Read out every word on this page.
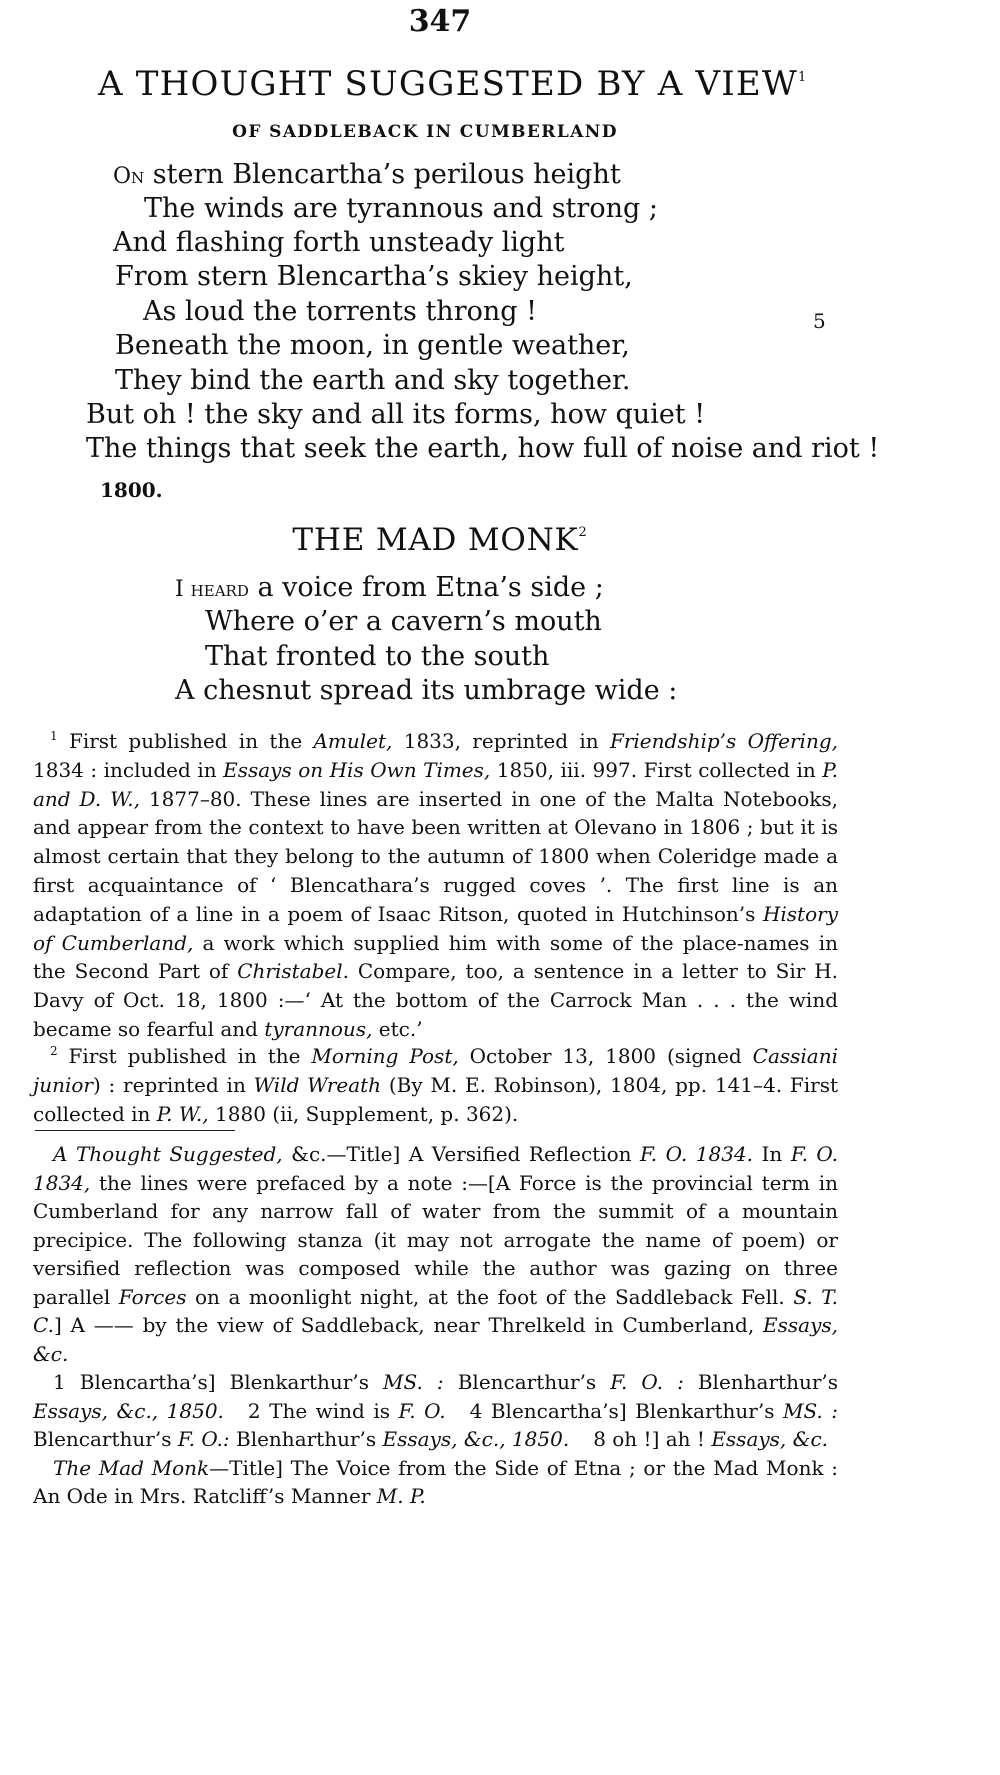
347
A THOUGHT SUGGESTED BY A VIEW$^1$
OF SADDLEBACK IN CUMBERLAND
On stern Blencartha’s perilous height
The winds are tyrannous and strong ;
And flashing forth unsteady light
From stern Blencartha’s skiey height,
As loud the torrents throng !
Beneath the moon, in gentle weather,
They bind the earth and sky together.
But oh ! the sky and all its forms, how quiet !
The things that seek the earth, how full of noise and riot !
5
1800.
THE MAD MONK$^2$
I heard a voice from Etna’s side ;
Where o’er a cavern’s mouth
That fronted to the south
A chesnut spread its umbrage wide :
$^1$ First published in the Amulet, 1833, reprinted in Friendship’s Offering, 1834 : included in Essays on His Own Times, 1850, iii. 997. First collected in P. and D. W., 1877–80. These lines are inserted in one of the Malta Notebooks, and appear from the context to have been written at Olevano in 1806 ; but it is almost certain that they belong to the autumn of 1800 when Coleridge made a first acquaintance of ‘ Blencathara’s rugged coves ’. The first line is an adaptation of a line in a poem of Isaac Ritson, quoted in Hutchinson’s History of Cumberland, a work which supplied him with some of the place-names in the Second Part of Christabel. Compare, too, a sentence in a letter to Sir H. Davy of Oct. 18, 1800 :—‘ At the bottom of the Carrock Man . . . the wind became so fearful and tyrannous, etc.’
$^2$ First published in the Morning Post, October 13, 1800 (signed Cassiani junior) : reprinted in Wild Wreath (By M. E. Robinson), 1804, pp. 141–4. First collected in P. W., 1880 (ii, Supplement, p. 362).

A Thought Suggested, &c.—Title] A Versified Reflection F. O. 1834. In F. O. 1834, the lines were prefaced by a note :—[A Force is the provincial term in Cumberland for any narrow fall of water from the summit of a mountain precipice. The following stanza (it may not arrogate the name of poem) or versified reflection was composed while the author was gazing on three parallel Forces on a moonlight night, at the foot of the Saddleback Fell. S. T. C.] A —— by the view of Saddleback, near Threlkeld in Cumberland, Essays, &c.

1 Blencartha’s] Blenkarthur’s MS. : Blencarthur’s F. O. : Blenharthur’s Essays, &c., 1850. 2 The wind is F. O. 4 Blencartha’s] Blenkarthur’s MS. : Blencarthur’s F. O.: Blenharthur’s Essays, &c., 1850. 8 oh !] ah ! Essays, &c.

The Mad Monk—Title] The Voice from the Side of Etna ; or the Mad Monk : An Ode in Mrs. Ratcliff’s Manner M. P.
